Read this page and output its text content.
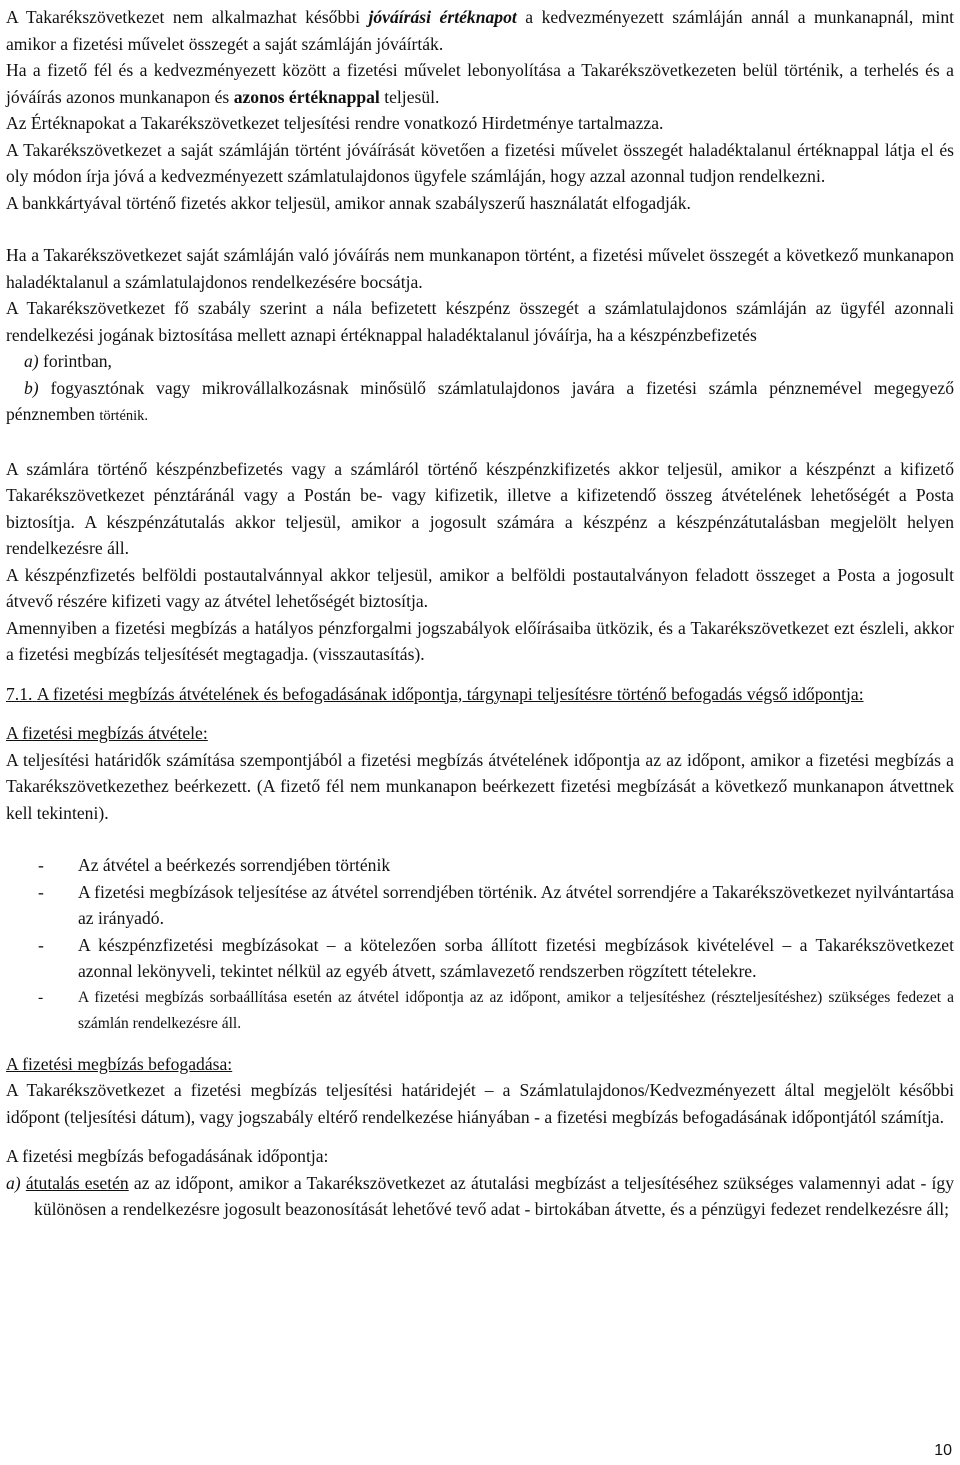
A Takarékszövetkezet nem alkalmazhat későbbi jóváírási értéknapot a kedvezményezett számláján annál a munkanapnál, mint amikor a fizetési művelet összegét a saját számláján jóváírták.

Ha a fizető fél és a kedvezményezett között a fizetési művelet lebonyolítása a Takarékszövetkezeten belül történik, a terhelés és a jóváírás azonos munkanapon és azonos értéknappal teljesül.

Az Értéknapokat a Takarékszövetkezet teljesítési rendre vonatkozó Hirdetménye tartalmazza.

A Takarékszövetkezet a saját számláján történt jóváírását követően a fizetési művelet összegét haladéktalanul értéknappal látja el és oly módon írja jóvá a kedvezményezett számlatulajdonos ügyfele számláján, hogy azzal azonnal tudjon rendelkezni.

A bankkártyával történő fizetés akkor teljesül, amikor annak szabályszerű használatát elfogadják.

Ha a Takarékszövetkezet saját számláján való jóváírás nem munkanapon történt, a fizetési művelet összegét a következő munkanapon haladéktalanul a számlatulajdonos rendelkezésére bocsátja.

A Takarékszövetkezet fő szabály szerint a nála befizetett készpénz összegét a számlatulajdonos számláján az ügyfél azonnali rendelkezési jogának biztosítása mellett aznapi értéknappal haladéktalanul jóváírja, ha a készpénzbefizetés

a) forintban,

b) fogyasztónak vagy mikrovállalkozásnak minősülő számlatulajdonos javára a fizetési számla pénznemével megegyező pénznemben történik.

A számlára történő készpénzbefizetés vagy a számláról történő készpénzkifizetés akkor teljesül, amikor a készpénzt a kifizető Takarékszövetkezet pénztáránál vagy a Postán be- vagy kifizetik, illetve a kifizetendő összeg átvételének lehetőségét a Posta biztosítja. A készpénzátutalás akkor teljesül, amikor a jogosult számára a készpénz a készpénzátutalásban megjelölt helyen rendelkezésre áll.

A készpénzfizetés belföldi postautalvánnyal akkor teljesül, amikor a belföldi postautalványon feladott összeget a Posta a jogosult átvevő részére kifizeti vagy az átvétel lehetőségét biztosítja.

Amennyiben a fizetési megbízás a hatályos pénzforgalmi jogszabályok előírásaiba ütközik, és a Takarékszövetkezet ezt észleli, akkor a fizetési megbízás teljesítését megtagadja. (visszautasítás).

7.1. A fizetési megbízás átvételének és befogadásának időpontja, tárgynapi teljesítésre történő befogadás végső időpontja:

A fizetési megbízás átvétele:

A teljesítési határidők számítása szempontjából a fizetési megbízás átvételének időpontja az az időpont, amikor a fizetési megbízás a Takarékszövetkezethez beérkezett. (A fizető fél nem munkanapon beérkezett fizetési megbízását a következő munkanapon átvettnek kell tekinteni).

- Az átvétel a beérkezés sorrendjében történik
- A fizetési megbízások teljesítése az átvétel sorrendjében történik. Az átvétel sorrendjére a Takarékszövetkezet nyilvántartása az irányadó.
- A készpénzfizetési megbízásokat – a kötelezően sorba állított fizetési megbízások kivételével – a Takarékszövetkezet azonnal lekönyveli, tekintet nélkül az egyéb átvett, számlavezető rendszerben rögzített tételekre.
- A fizetési megbízás sorbaállítása esetén az átvétel időpontja az az időpont, amikor a teljesítéshez (részteljesítéshez) szükséges fedezet a számlán rendelkezésre áll.

A fizetési megbízás befogadása:

A Takarékszövetkezet a fizetési megbízás teljesítési határidejét – a Számlatulajdonos/Kedvezményezett által megjelölt későbbi időpont (teljesítési dátum), vagy jogszabály eltérő rendelkezése hiányában - a fizetési megbízás befogadásának időpontjától számítja.

A fizetési megbízás befogadásának időpontja:

a) átutalás esetén az az időpont, amikor a Takarékszövetkezet az átutalási megbízást a teljesítéséhez szükséges valamennyi adat - így különösen a rendelkezésre jogosult beazonosítását lehetővé tevő adat - birtokában átvette, és a pénzügyi fedezet rendelkezésre áll;

10
